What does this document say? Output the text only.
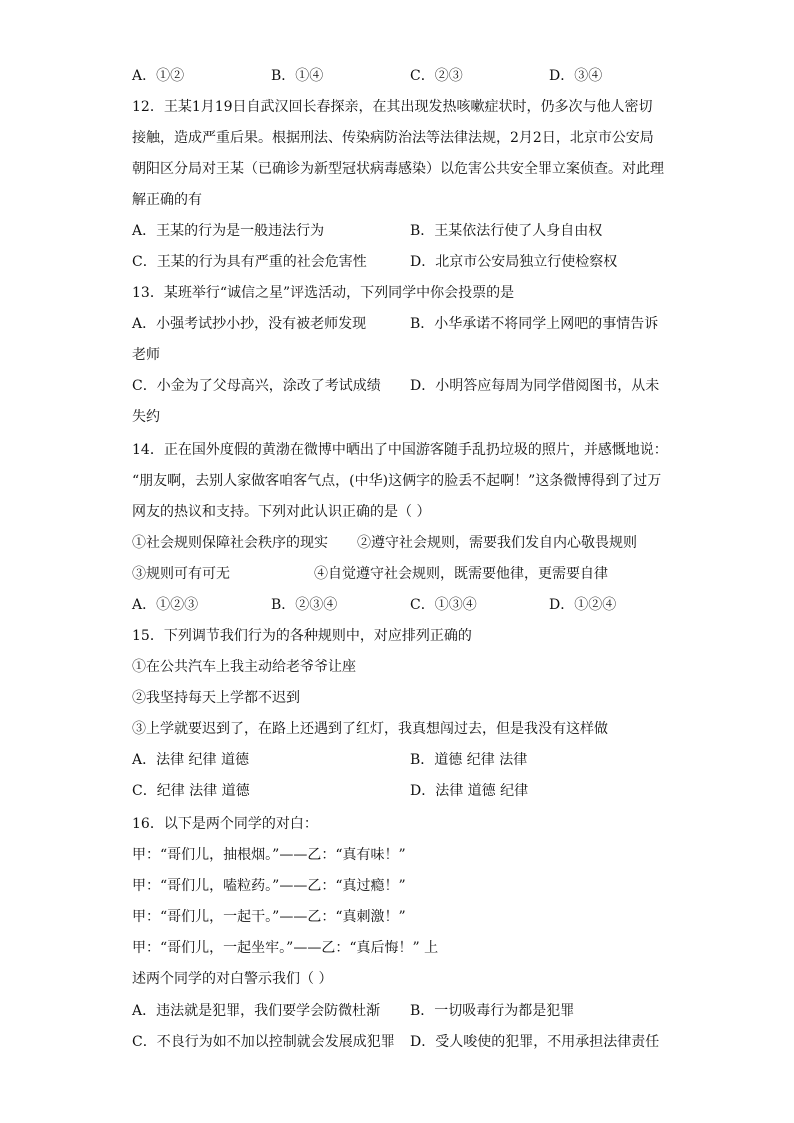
A．①②	B．①④	C．②③	D．③④
12．王某1月19日自武汉回长春探亲，在其出现发热咳嗽症状时，仍多次与他人密切
接触，造成严重后果。根据刑法、传染病防治法等法律法规，2月2日，北京市公安局
朝阳区分局对王某（已确诊为新型冠状病毒感染）以危害公共安全罪立案侦查。对此理
解正确的有
A．王某的行为是一般违法行为	B．王某依法行使了人身自由权
C．王某的行为具有严重的社会危害性	D．北京市公安局独立行使检察权
13．某班举行“诚信之星”评选活动，下列同学中你会投票的是
A．小强考试抄小抄，没有被老师发现	B．小华承诺不将同学上网吧的事情告诉
老师
C．小金为了父母高兴，涂改了考试成绩 D．小明答应每周为同学借阅图书，从未
失约
14．正在国外度假的黄渤在微博中晒出了中国游客随手乱扔垃圾的照片，并感慨地说：
“朋友啊，去别人家做客咱客气点，(中华)这俩字的脸丢不起啊！”这条微博得到了过万
网友的热议和支持。下列对此认识正确的是（ ）
①社会规则保障社会秩序的现实 ②遵守社会规则，需要我们发自内心敬畏规则
③规则可有可无	④自觉遵守社会规则，既需要他律，更需要自律
A．①②③	B．②③④	C．①③④	D．①②④
15．下列调节我们行为的各种规则中，对应排列正确的
①在公共汽车上我主动给老爷爷让座
②我坚持每天上学都不迟到
③上学就要迟到了，在路上还遇到了红灯，我真想闯过去，但是我没有这样做
A．法律 纪律 道德	B．道德 纪律 法律
C．纪律 法律 道德	D．法律 道德 纪律
16．以下是两个同学的对白：
甲：“哥们儿，抽根烟。”——乙：“真有味！”
甲：“哥们儿，嗑粒药。”——乙：“真过瘾！”
甲：“哥们儿，一起干。”——乙：“真刺激！”
甲：“哥们儿，一起坐牢。”——乙：“真后悔！” 上
述两个同学的对白警示我们（ ）
A．违法就是犯罪，我们要学会防微杜渐 B．一切吸毒行为都是犯罪
C．不良行为如不加以控制就会发展成犯罪 D．受人唆使的犯罪，不用承担法律责任
